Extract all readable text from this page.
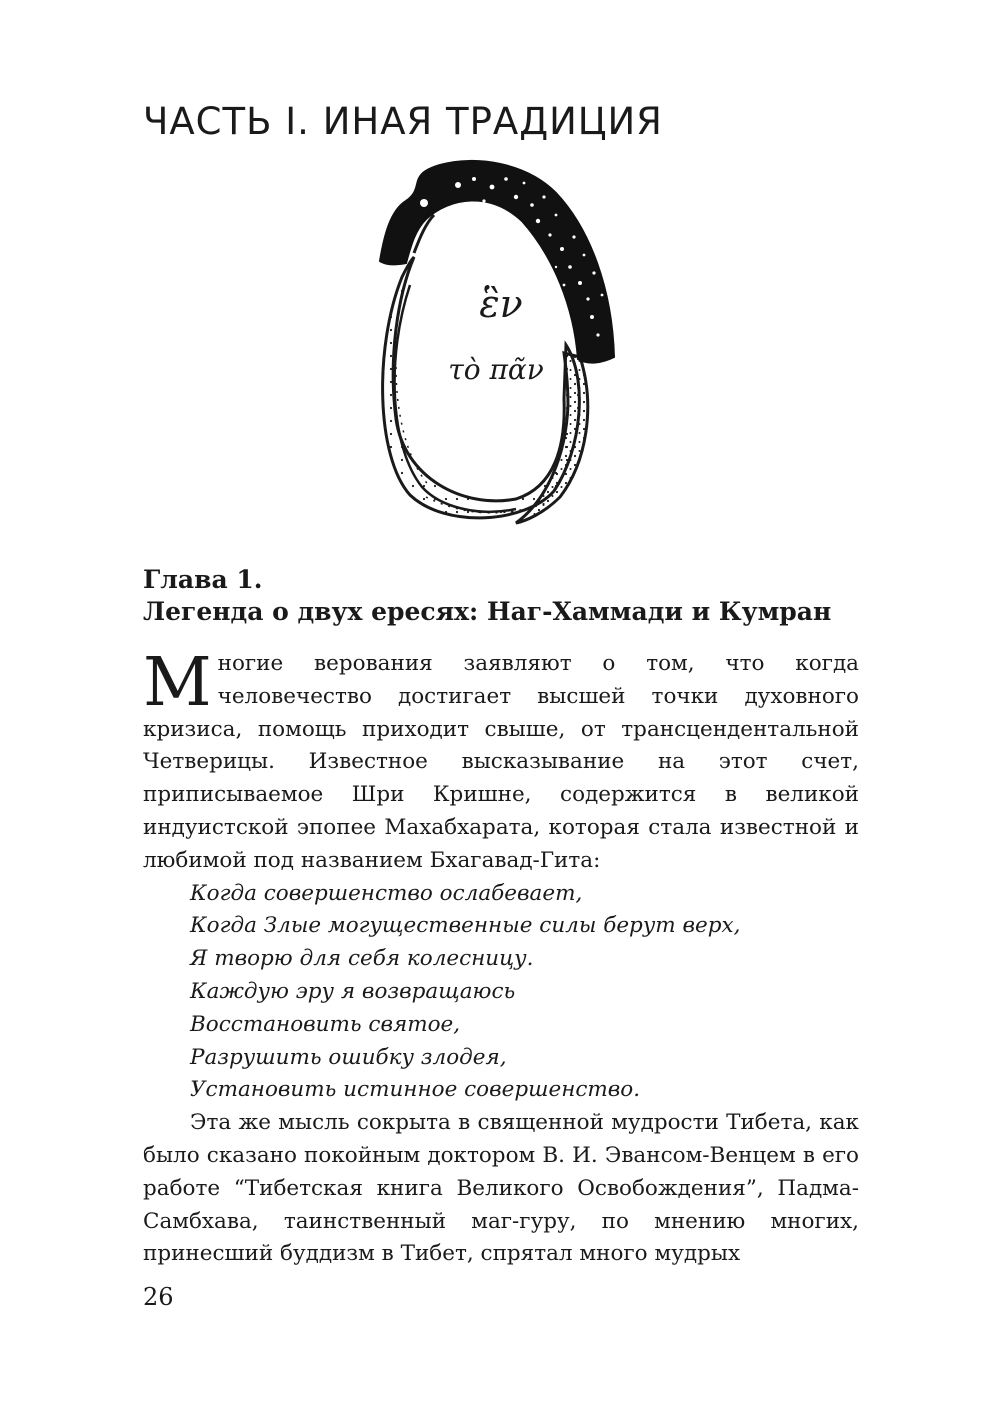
ЧАСТЬ I. ИНАЯ ТРАДИЦИЯ
ἓν
τὸ πᾶν
Глава 1.
Легенда о двух ересях: Наг-Хаммади и Кумран

Многие верования заявляют о том, что когда человечество достигает высшей точки духовного кризиса, помощь приходит свыше, от трансцендентальной Четверицы. Известное высказывание на этот счет, приписываемое Шри Кришне, содержится в великой индуистской эпопее Махабхарата, которая стала известной и любимой под названием Бхагавад-Гита:

Когда совершенство ослабевает,

Когда Злые могущественные силы берут верх,

Я творю для себя колесницу.

Каждую эру я возвращаюсь

Восстановить святое,

Разрушить ошибку злодея,

Установить истинное совершенство.

Эта же мысль сокрыта в священной мудрости Тибета, как было сказано покойным доктором В. И. Эвансом-Венцем в его работе “Тибетская книга Великого Освобождения”, Падма-Самбхава, таинственный маг-гуру, по мнению многих, принесший буддизм в Тибет, спрятал много мудрых

26
